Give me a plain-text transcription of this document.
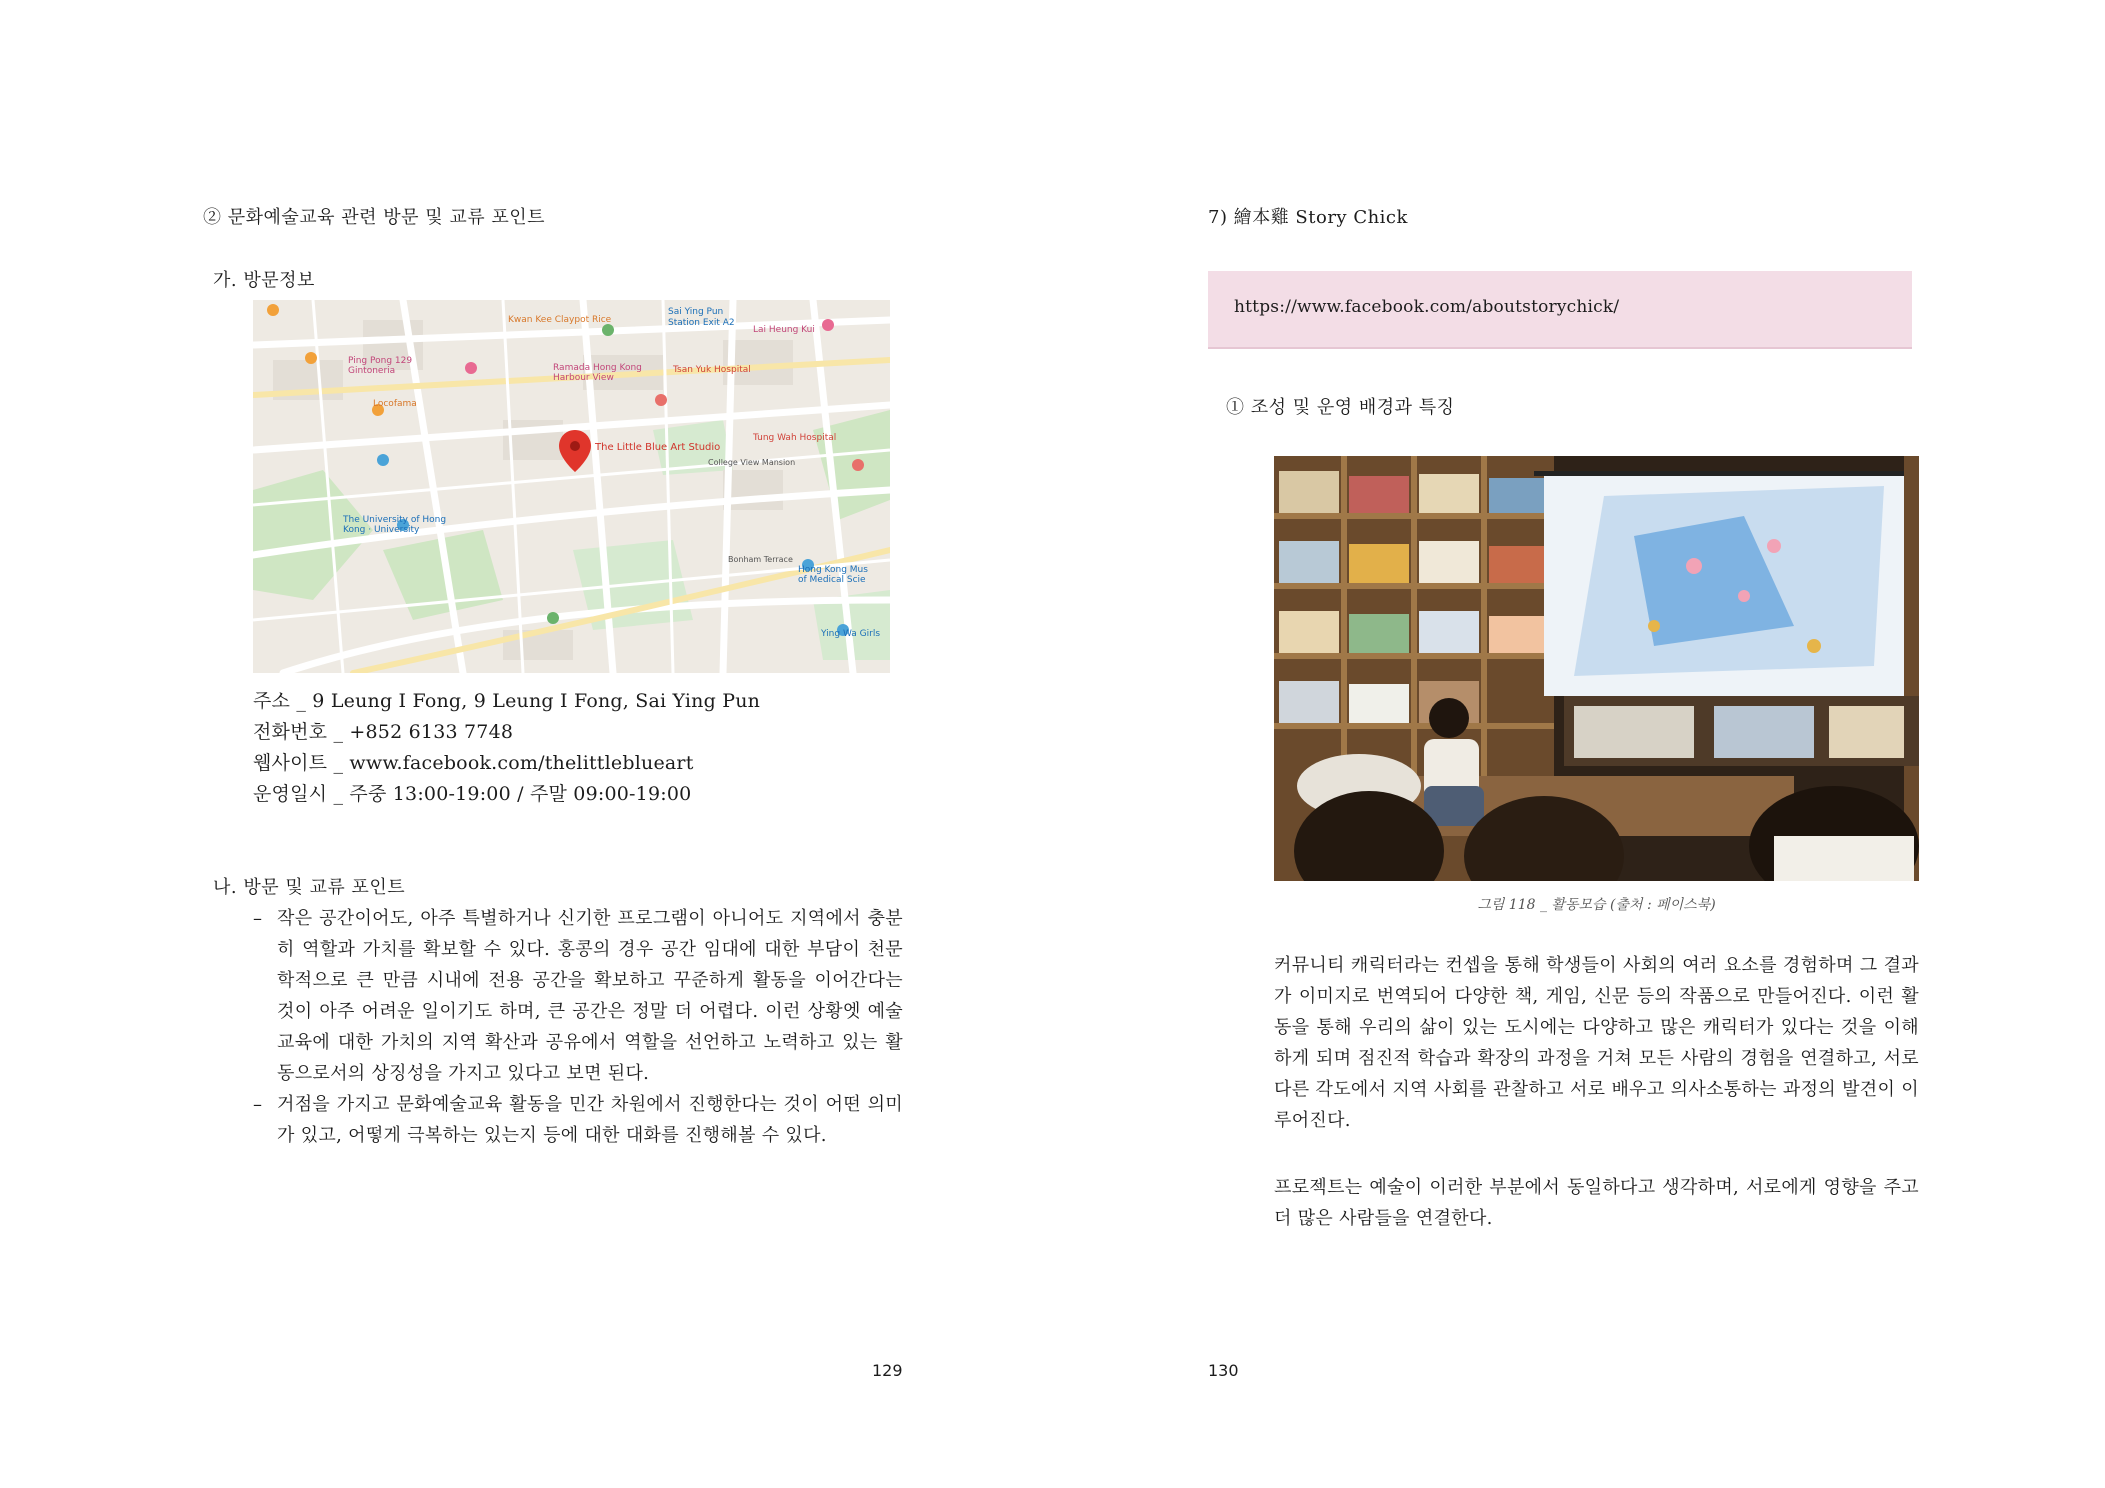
② 문화예술교육 관련 방문 및 교류 포인트
가. 방문정보
Sai Ying Pun
Station Exit A2
Kwan Kee Claypot Rice
Ping Pong 129
Gintoneria	Ramada Hong Kong
Harbour View
Tsan Yuk Hospital
Lai Heung Kui
Locofama
Tung Wah Hospital
The University of Hong
Kong · University
Hong Kong Mus
of Medical Scie
Ying Wa Girls
College View Mansion
Bonham Terrace
The Little Blue Art Studio
주소 _ 9 Leung I Fong, 9 Leung I Fong, Sai Ying Pun
전화번호 _ +852 6133 7748
웹사이트 _ www.facebook.com/thelittleblueart
운영일시 _ 주중 13:00-19:00 / 주말 09:00-19:00
나. 방문 및 교류 포인트
– 작은 공간이어도, 아주 특별하거나 신기한 프로그램이 아니어도 지역에서 충분히 역할과 가치를 확보할 수 있다. 홍콩의 경우 공간 임대에 대한 부담이 천문학적으로 큰 만큼 시내에 전용 공간을 확보하고 꾸준하게 활동을 이어간다는 것이 아주 어려운 일이기도 하며, 큰 공간은 정말 더 어렵다. 이런 상황엣 예술교육에 대한 가치의 지역 확산과 공유에서 역할을 선언하고 노력하고 있는 활동으로서의 상징성을 가지고 있다고 보면 된다.
– 거점을 가지고 문화예술교육 활동을 민간 차원에서 진행한다는 것이 어떤 의미가 있고, 어떻게 극복하는 있는지 등에 대한 대화를 진행해볼 수 있다.
129
7) 繪本雞 Story Chick
https://www.facebook.com/aboutstorychick/
① 조성 및 운영 배경과 특징
그림 118 _ 활동모습 (출처 : 페이스북)
커뮤니티 캐릭터라는 컨셉을 통해 학생들이 사회의 여러 요소를 경험하며 그 결과가 이미지로 번역되어 다양한 책, 게임, 신문 등의 작품으로 만들어진다. 이런 활동을 통해 우리의 삶이 있는 도시에는 다양하고 많은 캐릭터가 있다는 것을 이해하게 되며 점진적 학습과 확장의 과정을 거쳐 모든 사람의 경험을 연결하고, 서로 다른 각도에서 지역 사회를 관찰하고 서로 배우고 의사소통하는 과정의 발견이 이루어진다.
프로젝트는 예술이 이러한 부분에서 동일하다고 생각하며, 서로에게 영향을 주고 더 많은 사람들을 연결한다.
130
